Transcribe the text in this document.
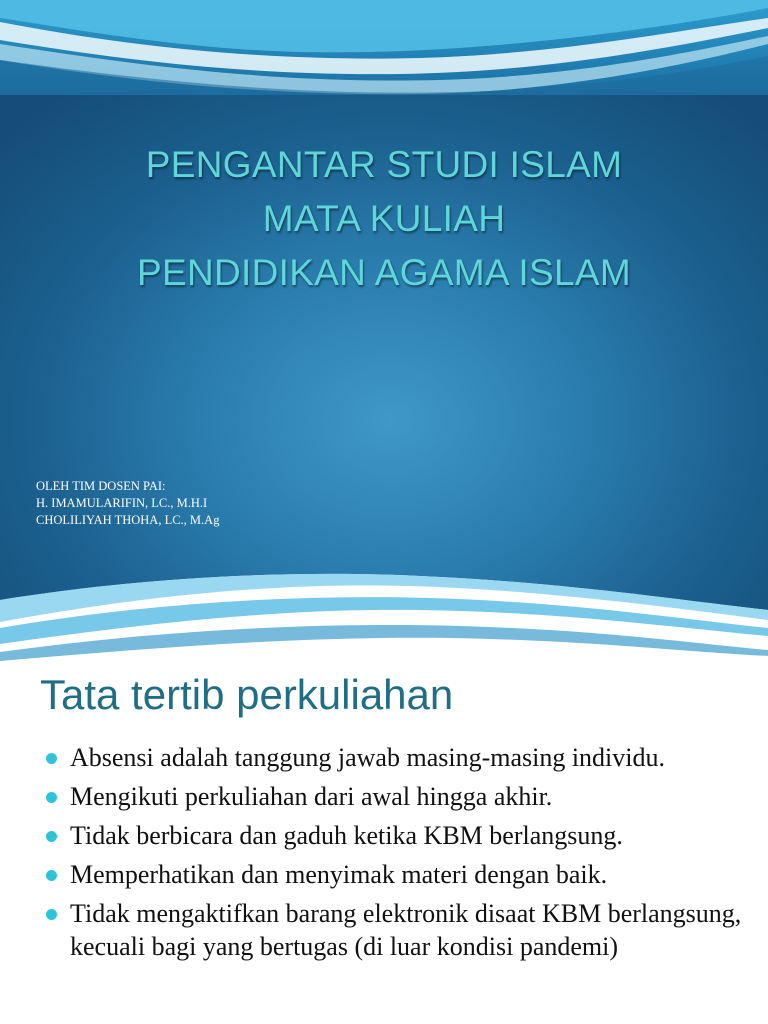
PENGANTAR STUDI ISLAM
MATA KULIAH
PENDIDIKAN AGAMA ISLAM
OLEH TIM DOSEN PAI:
H. IMAMULARIFIN, LC., M.H.I
CHOLILIYAH THOHA, LC., M.Ag
Tata tertib perkuliahan
Absensi adalah tanggung jawab masing-masing individu.
Mengikuti perkuliahan dari awal hingga akhir.
Tidak berbicara dan gaduh ketika KBM berlangsung.
Memperhatikan dan menyimak materi dengan baik.
Tidak mengaktifkan barang elektronik disaat KBM berlangsung, kecuali bagi yang bertugas (di luar kondisi pandemi)
